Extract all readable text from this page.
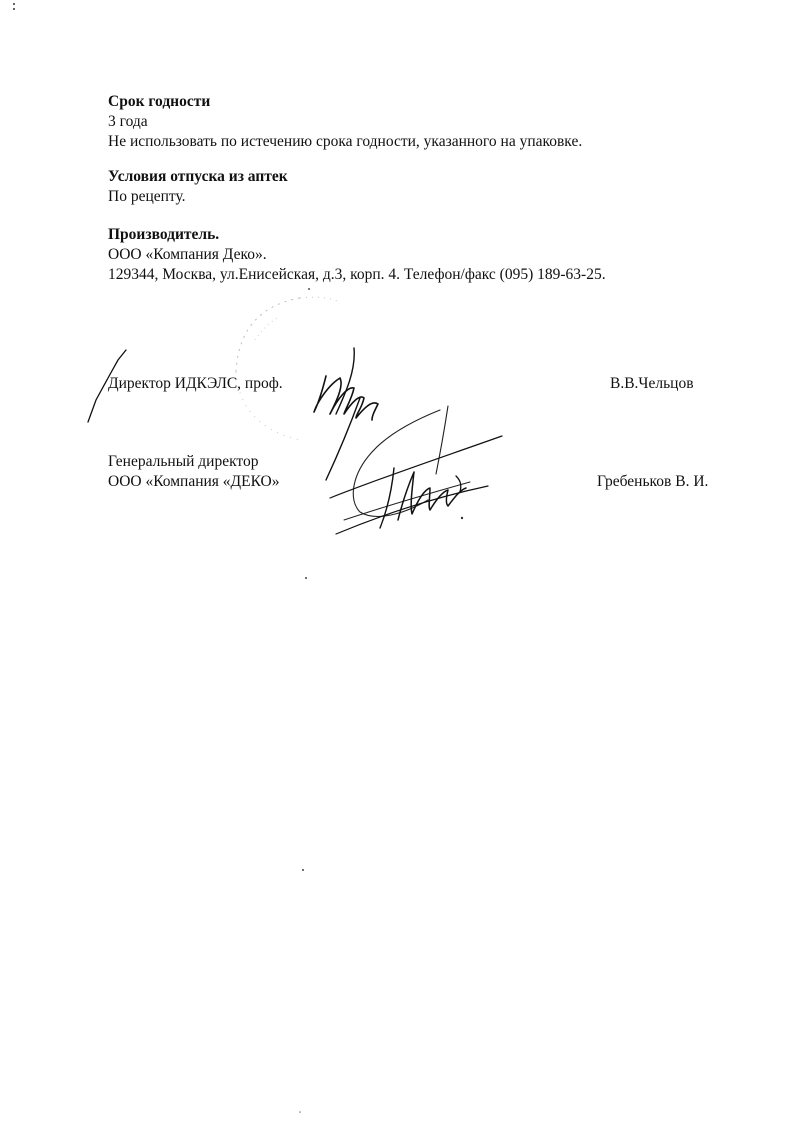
Срок годности
3 года
Не использовать по истечению срока годности, указанного на упаковке.
Условия отпуска из аптек
По рецепту.
Производитель.
ООО «Компания Деко».
129344, Москва, ул.Енисейская, д.3, корп. 4. Телефон/факс (095) 189-63-25.
Директор ИДКЭЛС, проф.	В.В.Чельцов
Генеральный директор
ООО «Компания «ДЕКО»	Гребеньков В. И.
